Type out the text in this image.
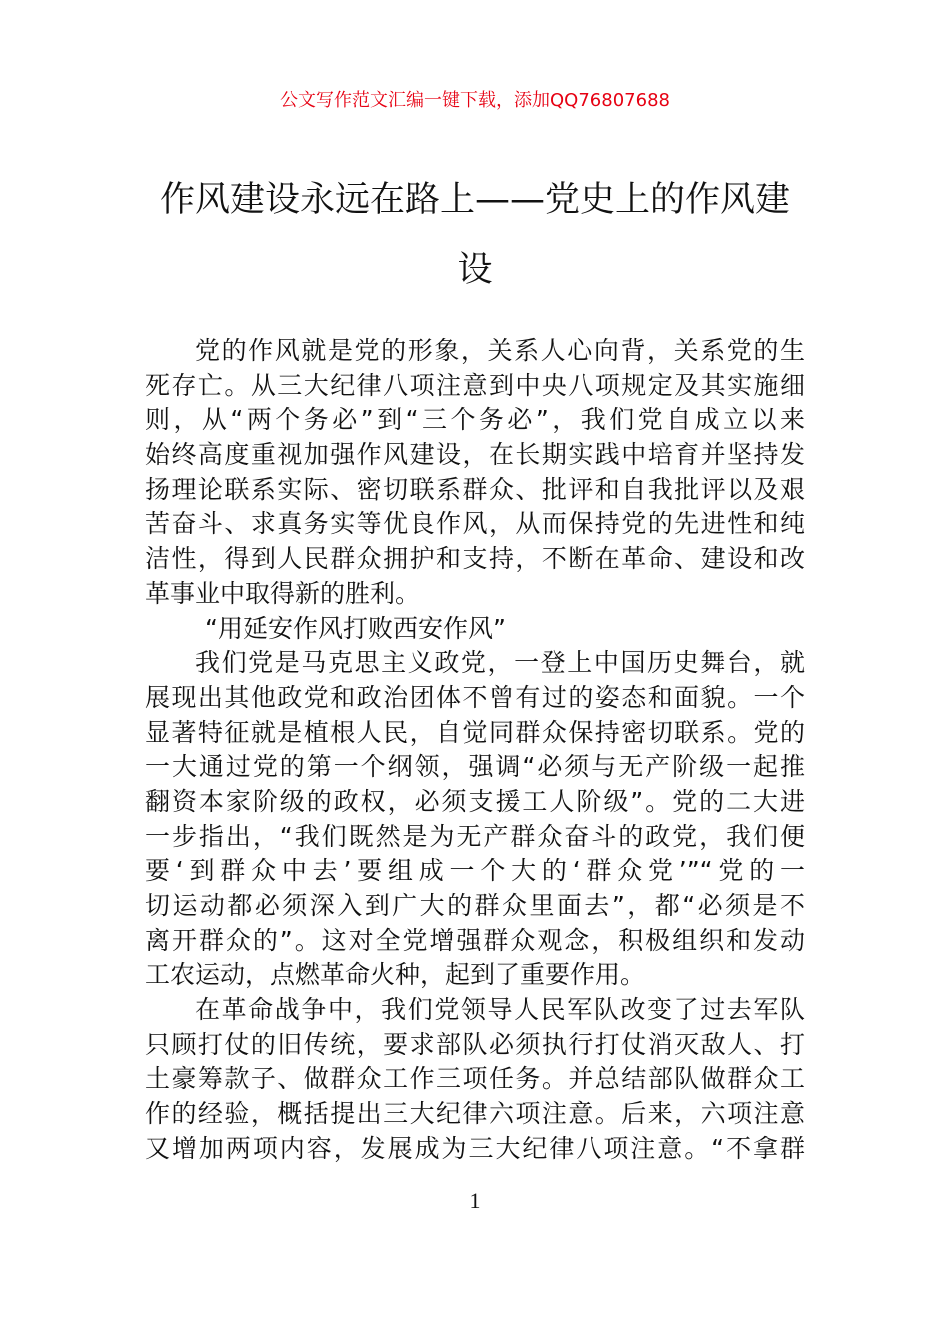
公文写作范文汇编一键下载，添加QQ76807688
作风建设永远在路上——党史上的作风建
设
党的作风就是党的形象，关系人心向背，关系党的生
死存亡。从三大纪律八项注意到中央八项规定及其实施细
则，从“两个务必”到“三个务必”，我们党自成立以来
始终高度重视加强作风建设，在长期实践中培育并坚持发
扬理论联系实际、密切联系群众、批评和自我批评以及艰
苦奋斗、求真务实等优良作风，从而保持党的先进性和纯
洁性，得到人民群众拥护和支持，不断在革命、建设和改
革事业中取得新的胜利。
“用延安作风打败西安作风”
我们党是马克思主义政党，一登上中国历史舞台，就
展现出其他政党和政治团体不曾有过的姿态和面貌。一个
显著特征就是植根人民，自觉同群众保持密切联系。党的
一大通过党的第一个纲领，强调“必须与无产阶级一起推
翻资本家阶级的政权，必须支援工人阶级”。党的二大进
一步指出，“我们既然是为无产群众奋斗的政党，我们便
要‘到群众中去’要组成一个大的‘群众党’”“党的一
切运动都必须深入到广大的群众里面去”，都“必须是不
离开群众的”。这对全党增强群众观念，积极组织和发动
工农运动，点燃革命火种，起到了重要作用。
在革命战争中，我们党领导人民军队改变了过去军队
只顾打仗的旧传统，要求部队必须执行打仗消灭敌人、打
土豪筹款子、做群众工作三项任务。并总结部队做群众工
作的经验，概括提出三大纪律六项注意。后来，六项注意
又增加两项内容，发展成为三大纪律八项注意。“不拿群
1
